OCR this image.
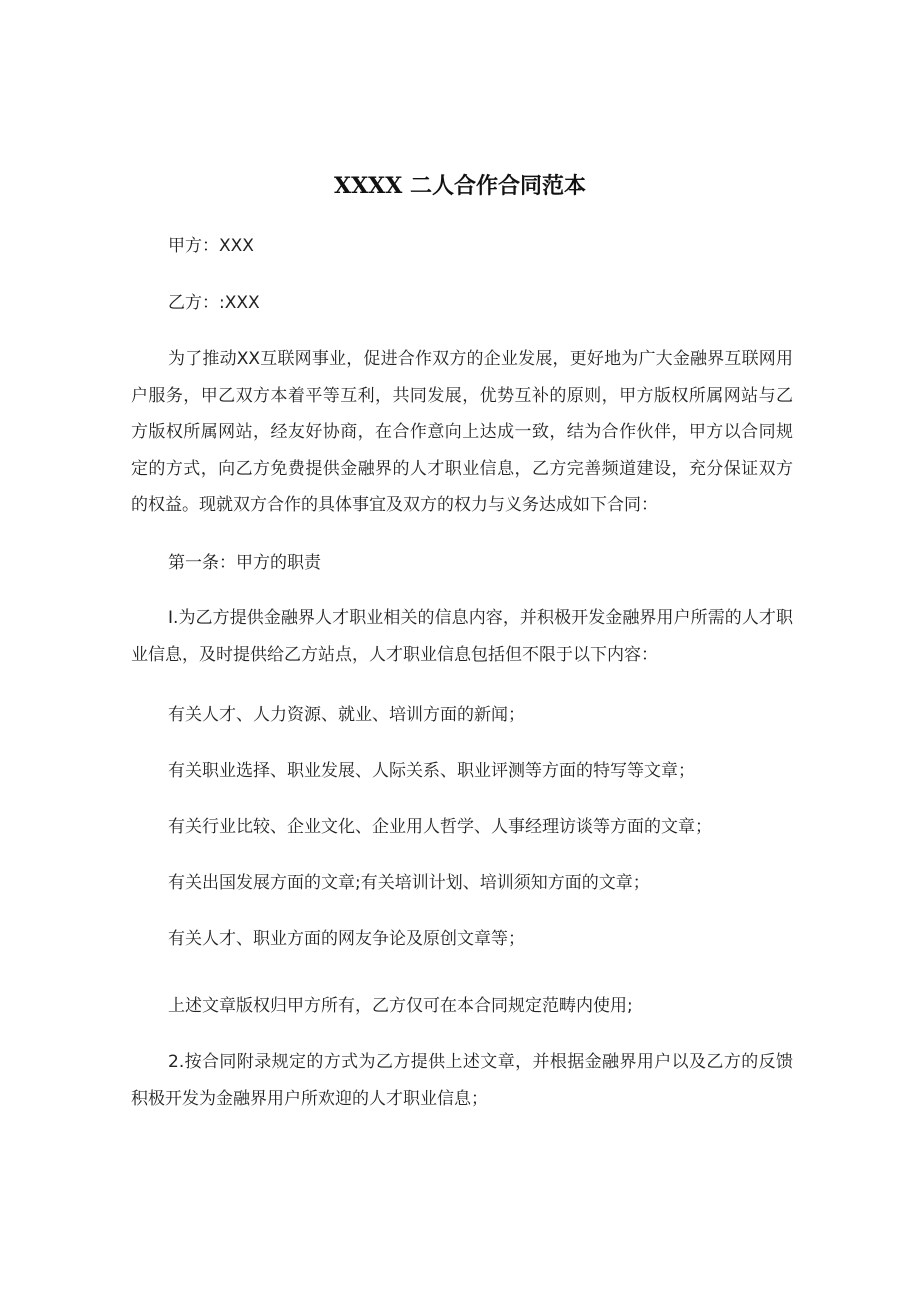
XXXX 二人合作合同范本
甲方：XXX
乙方：:XXX
为了推动XX互联网事业，促进合作双方的企业发展，更好地为广大金融界互联网用户服务，甲乙双方本着平等互利，共同发展，优势互补的原则，甲方版权所属网站与乙方版权所属网站，经友好协商，在合作意向上达成一致，结为合作伙伴，甲方以合同规定的方式，向乙方免费提供金融界的人才职业信息，乙方完善频道建设，充分保证双方的权益。现就双方合作的具体事宜及双方的权力与义务达成如下合同：
第一条：甲方的职责
I.为乙方提供金融界人才职业相关的信息内容，并积极开发金融界用户所需的人才职业信息，及时提供给乙方站点，人才职业信息包括但不限于以下内容：
有关人才、人力资源、就业、培训方面的新闻；
有关职业选择、职业发展、人际关系、职业评测等方面的特写等文章；
有关行业比较、企业文化、企业用人哲学、人事经理访谈等方面的文章；
有关出国发展方面的文章;有关培训计划、培训须知方面的文章；
有关人才、职业方面的网友争论及原创文章等；
上述文章版权归甲方所有，乙方仅可在本合同规定范畴内使用;
2.按合同附录规定的方式为乙方提供上述文章，并根据金融界用户以及乙方的反馈积极开发为金融界用户所欢迎的人才职业信息；
